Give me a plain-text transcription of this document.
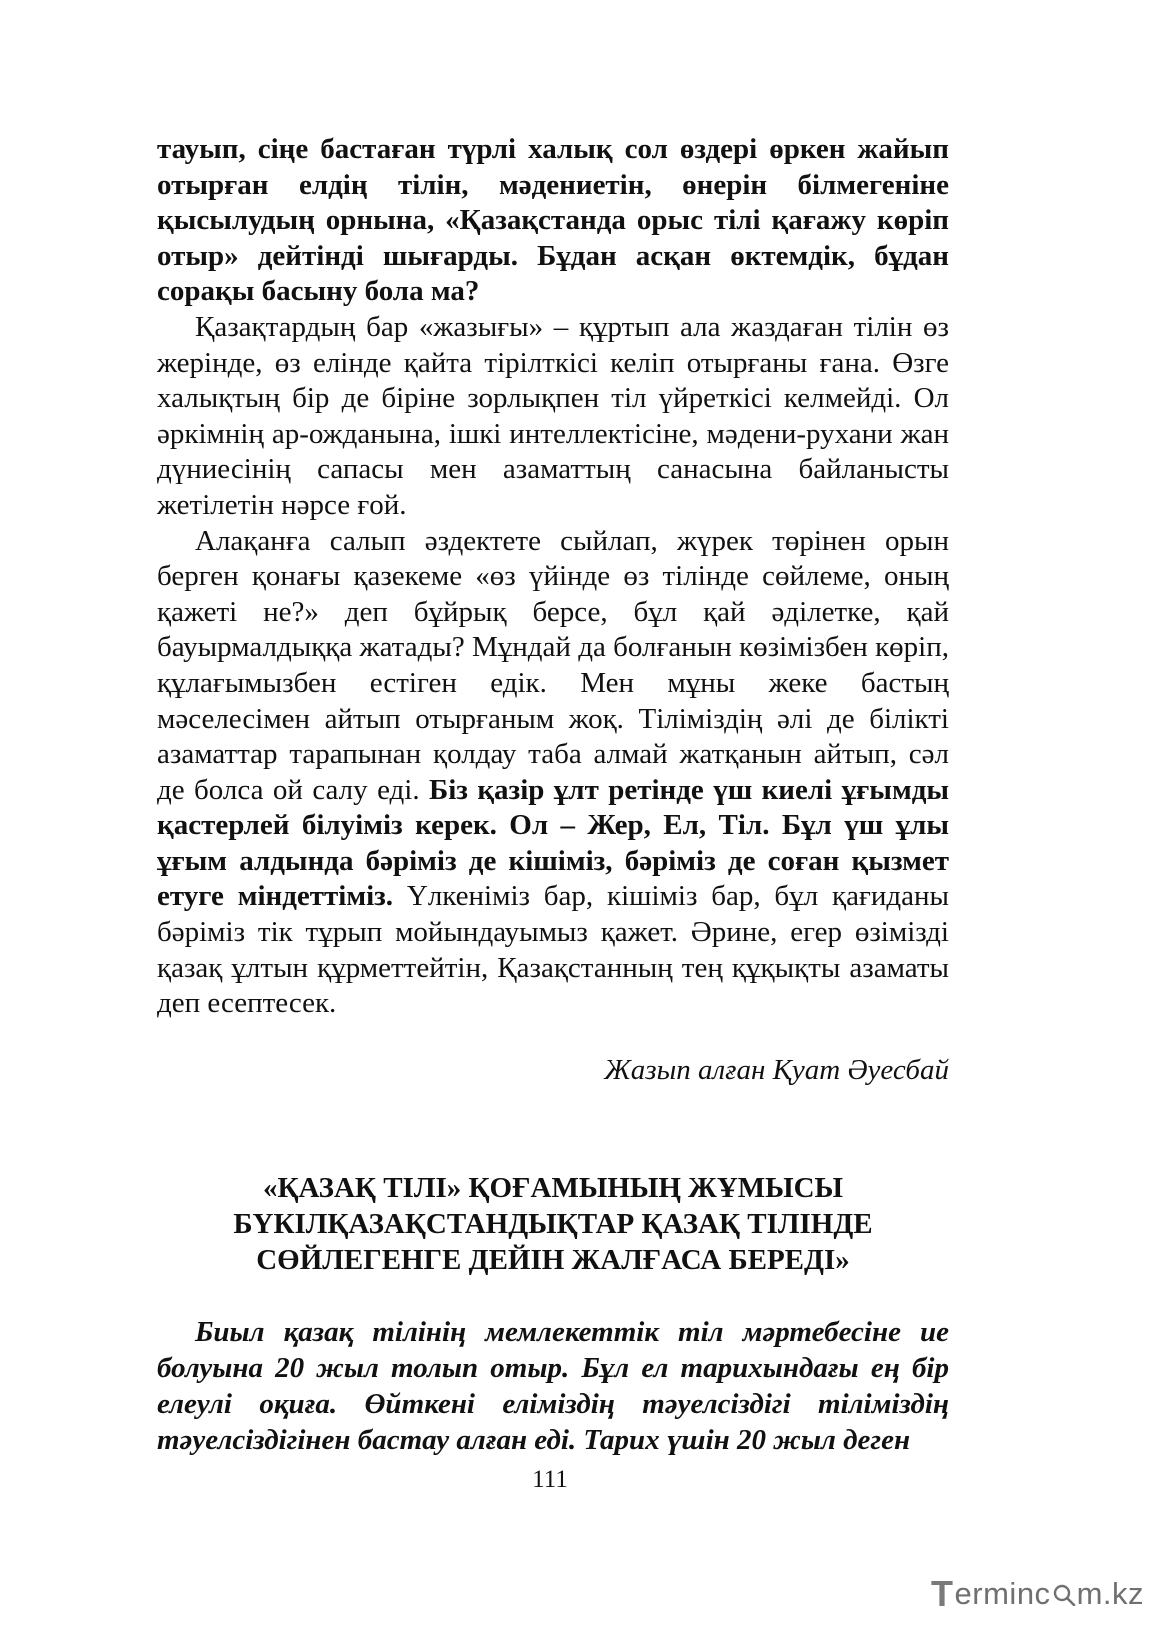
тауып, сіңе бастаған түрлі халық сол өздері өркен жайып отырған елдің тілін, мәдениетін, өнерін білмегеніне қысылудың орнына, «Қазақстанда орыс тілі қағажу көріп отыр» дейтінді шығарды. Бұдан асқан өктемдік, бұдан сорақы басыну бола ма?

Қазақтардың бар «жазығы» – құртып ала жаздаған тілін өз жерінде, өз елінде қайта тірілткісі келіп отырғаны ғана. Өзге халықтың бір де біріне зорлықпен тіл үйреткісі келмейді. Ол әркімнің ар-ожданына, ішкі интеллектісіне, мәдени-рухани жан дүниесінің сапасы мен азаматтың санасына байланысты жетілетін нәрсе ғой.

Алақанға салып әздектете сыйлап, жүрек төрінен орын берген қонағы қазекеме «өз үйінде өз тілінде сөйлеме, оның қажеті не?» деп бұйрық берсе, бұл қай әділетке, қай бауырмалдыққа жатады? Мұндай да болғанын көзімізбен көріп, құлағымызбен естіген едік. Мен мұны жеке бастың мәселесімен айтып отырғаным жоқ. Тіліміздің әлі де білікті азаматтар тарапынан қолдау таба алмай жатқанын айтып, сәл де болса ой салу еді. Біз қазір ұлт ретінде үш киелі ұғымды қастерлей білуіміз керек. Ол – Жер, Ел, Тіл. Бұл үш ұлы ұғым алдында бәріміз де кішіміз, бәріміз де соған қызмет етуге міндеттіміз. Үлкеніміз бар, кішіміз бар, бұл қағиданы бәріміз тік тұрып мойындауымыз қажет. Әрине, егер өзімізді қазақ ұлтын құрметтейтін, Қазақстанның тең құқықты азаматы деп есептесек.

Жазып алған Қуат Әуесбай
«ҚАЗАҚ ТІЛІ» ҚОҒАМЫНЫҢ ЖҰМЫСЫ
БҮКІЛҚАЗАҚСТАНДЫҚТАР ҚАЗАҚ ТІЛІНДЕ
СӨЙЛЕГЕНГЕ ДЕЙІН ЖАЛҒАСА БЕРЕДІ»
Биыл қазақ тілінің мемлекеттік тіл мәртебесіне ие болуына 20 жыл толып отыр. Бұл ел тарихындағы ең бір елеулі оқиға. Өйткені еліміздің тәуелсіздігі тіліміздің тәуелсіздігінен бастау алған еді. Тарих үшін 20 жыл деген
111
T erminc m.kz
